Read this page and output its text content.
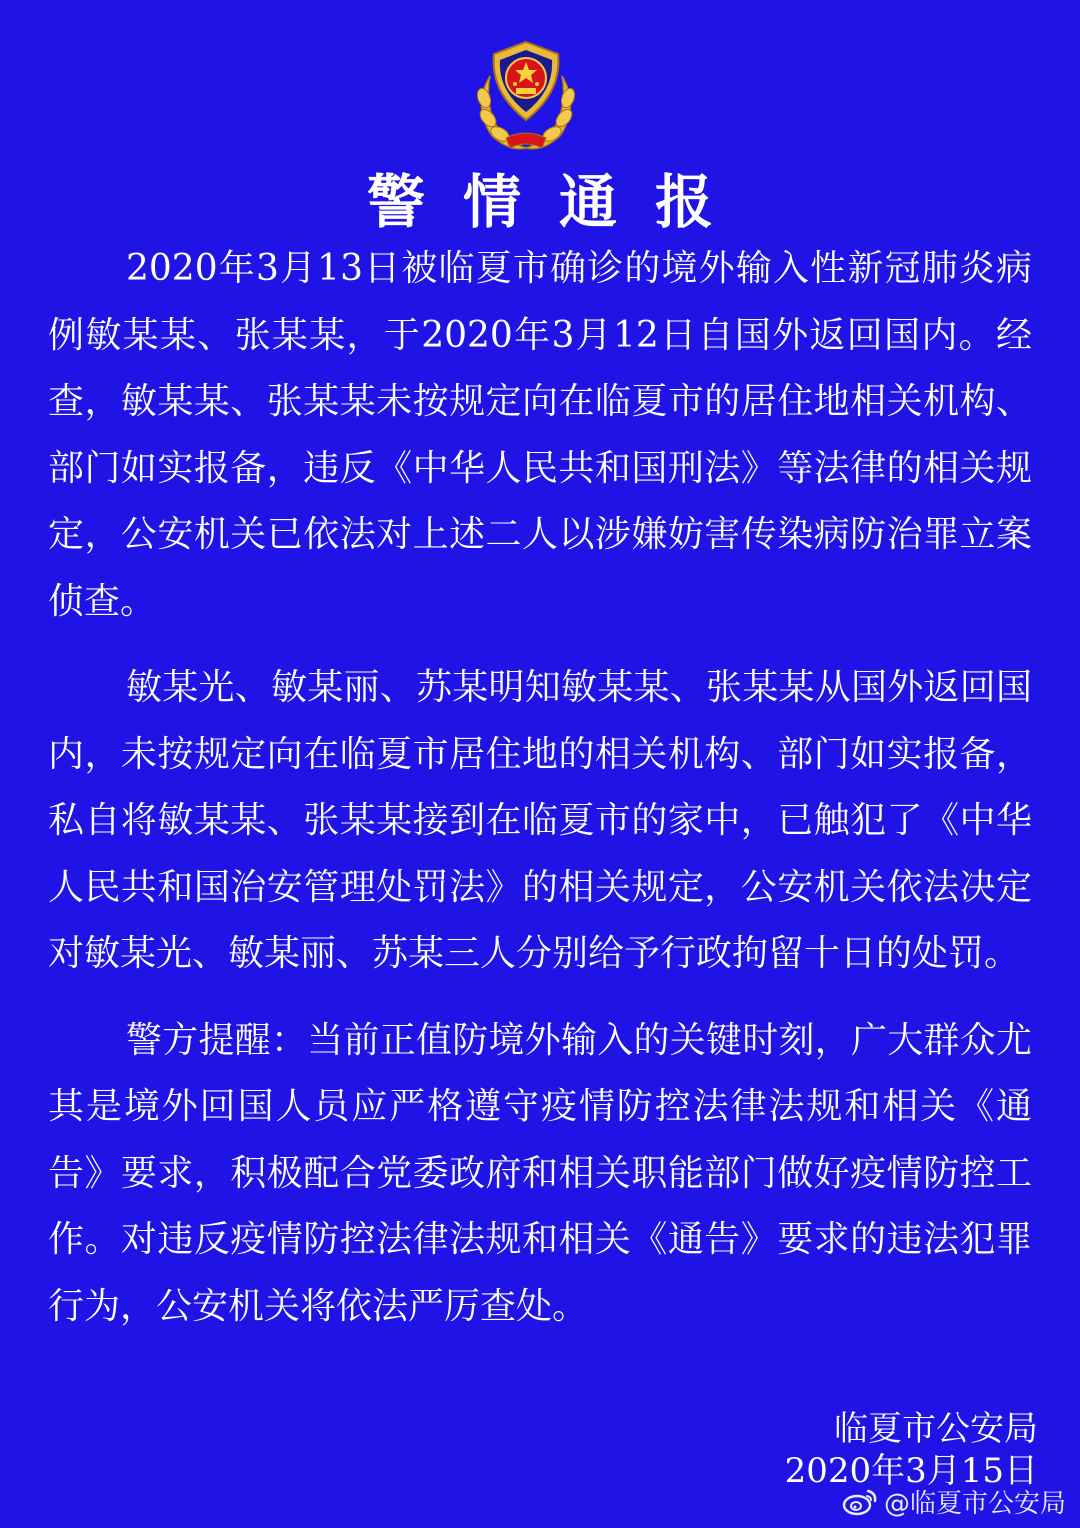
警情通报

2020年3月13日被临夏市确诊的境外输入性新冠肺炎病例敏某某、张某某，于2020年3月12日自国外返回国内。经查，敏某某、张某某未按规定向在临夏市的居住地相关机构、部门如实报备，违反《中华人民共和国刑法》等法律的相关规定，公安机关已依法对上述二人以涉嫌妨害传染病防治罪立案侦查。

敏某光、敏某丽、苏某明知敏某某、张某某从国外返回国内，未按规定向在临夏市居住地的相关机构、部门如实报备，私自将敏某某、张某某接到在临夏市的家中，已触犯了《中华人民共和国治安管理处罚法》的相关规定，公安机关依法决定对敏某光、敏某丽、苏某三人分别给予行政拘留十日的处罚。

警方提醒：当前正值防境外输入的关键时刻，广大群众尤其是境外回国人员应严格遵守疫情防控法律法规和相关《通告》要求，积极配合党委政府和相关职能部门做好疫情防控工作。对违反疫情防控法律法规和相关《通告》要求的违法犯罪行为，公安机关将依法严厉查处。

临夏市公安局
2020年3月15日
@临夏市公安局
